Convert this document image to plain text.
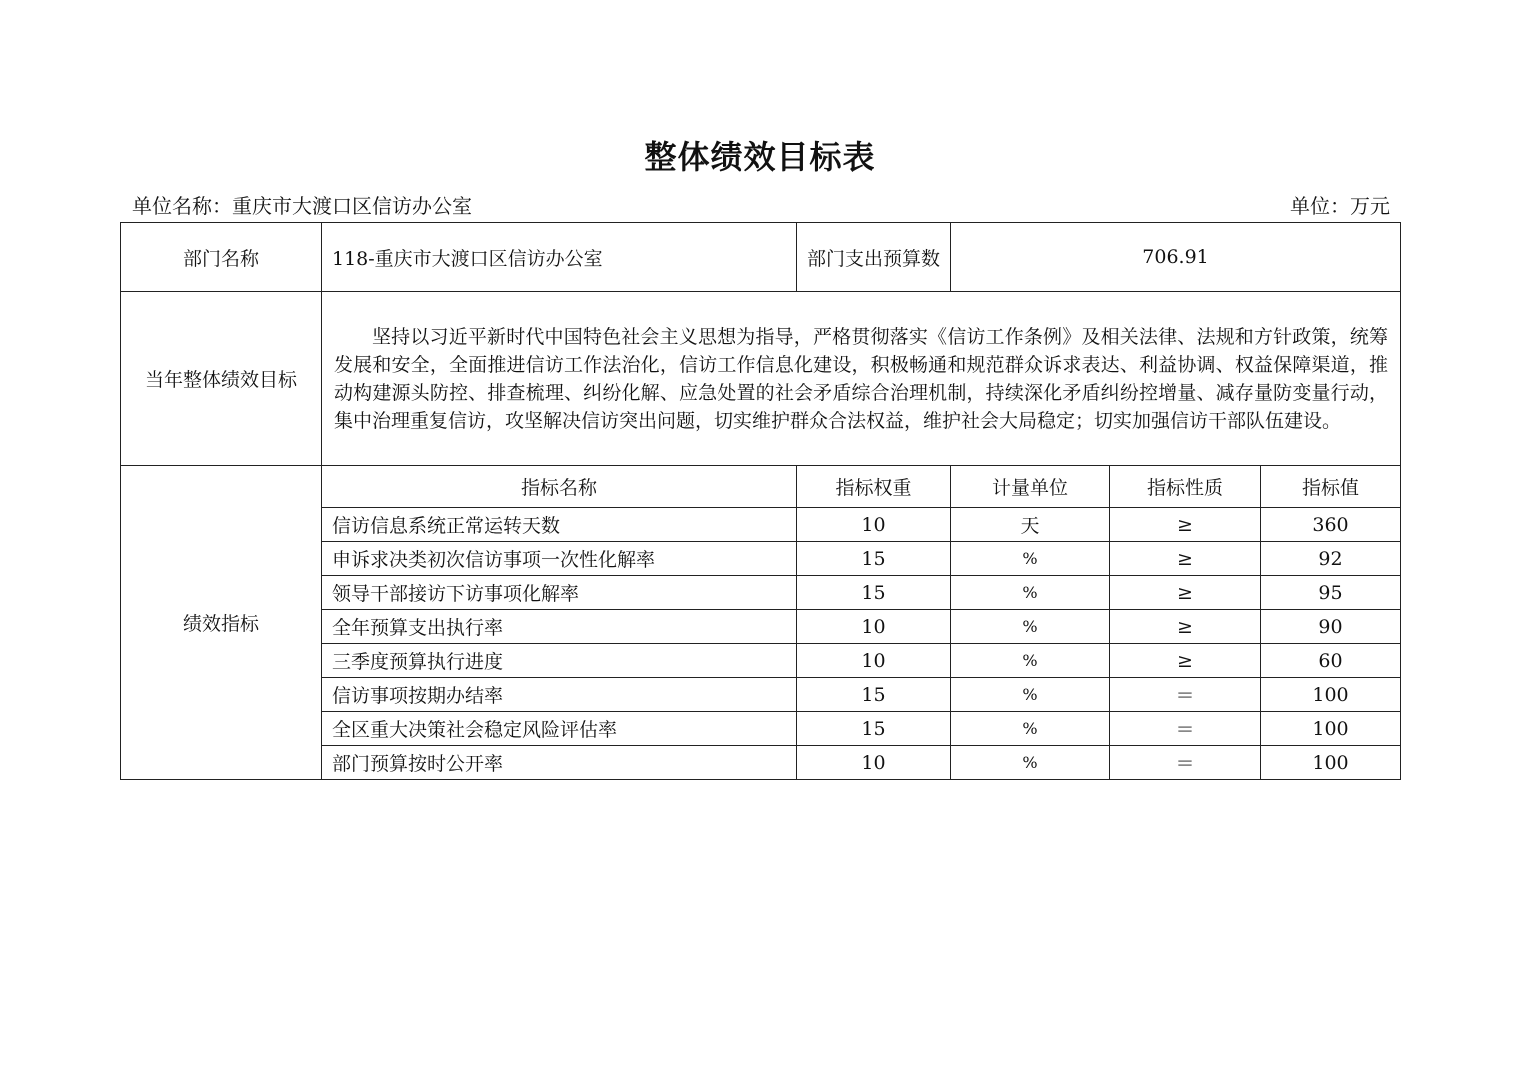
整体绩效目标表
单位名称：重庆市大渡口区信访办公室	单位：万元
部门名称	118-重庆市大渡口区信访办公室	部门支出预算数	706.91		
当年整体绩效目标	坚持以习近平新时代中国特色社会主义思想为指导，严格贯彻落实《信访工作条例》及相关法律、法规和方针政策，统筹发展和安全，全面推进信访工作法治化，信访工作信息化建设，积极畅通和规范群众诉求表达、利益协调、权益保障渠道，推动构建源头防控、排查梳理、纠纷化解、应急处置的社会矛盾综合治理机制，持续深化矛盾纠纷控增量、减存量防变量行动，集中治理重复信访，攻坚解决信访突出问题，切实维护群众合法权益，维护社会大局稳定；切实加强信访干部队伍建设。				

绩效指标	指标名称	指标权重	计量单位	指标性质	指标值
	信访信息系统正常运转天数	10	天	≥	360
	申诉求决类初次信访事项一次性化解率	15	%	≥	92
	领导干部接访下访事项化解率	15	%	≥	95
	全年预算支出执行率	10	%	≥	90
	三季度预算执行进度	10	%	≥	60
	信访事项按期办结率	15	%	＝	100
	全区重大决策社会稳定风险评估率	15	%	＝	100
	部门预算按时公开率	10	%	＝	100
